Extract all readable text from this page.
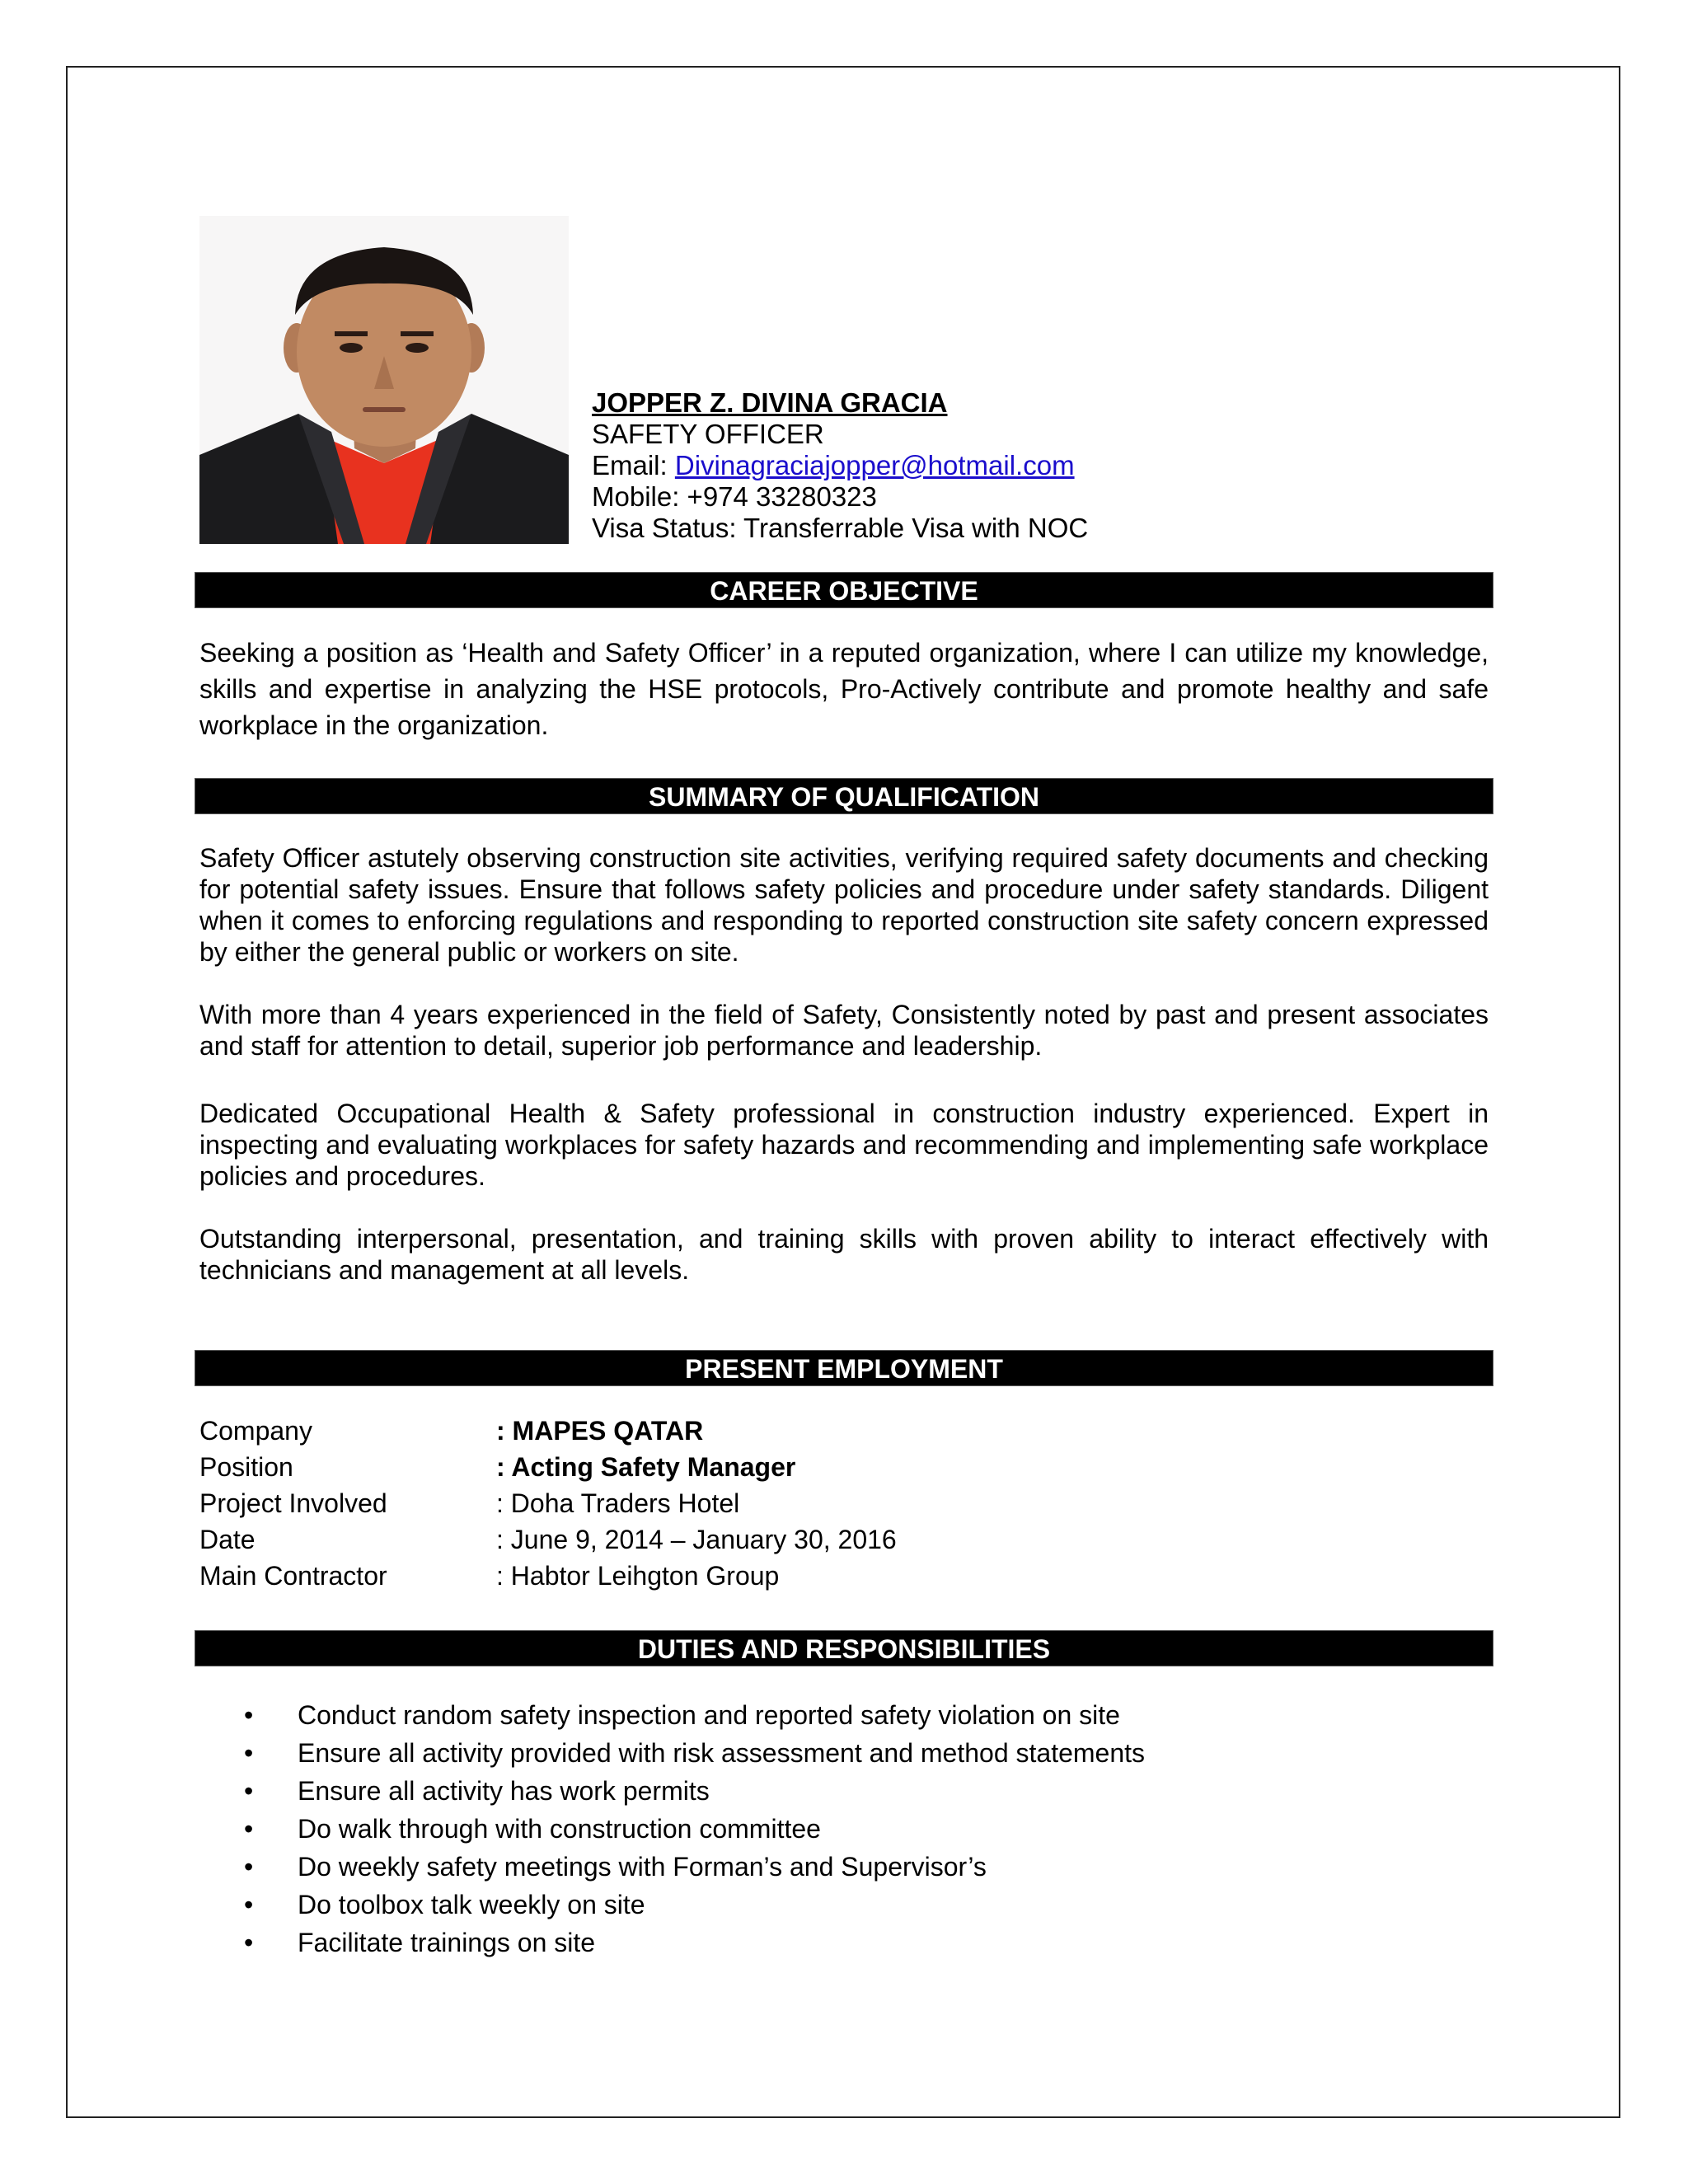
JOPPER Z. DIVINA GRACIA
SAFETY OFFICER
Email: Divinagraciajopper@hotmail.com
Mobile: +974 33280323
Visa Status: Transferrable Visa with NOC
CAREER OBJECTIVE

Seeking a position as ‘Health and Safety Officer’ in a reputed organization, where I can utilize my knowledge, skills and expertise in analyzing the HSE protocols, Pro-Actively contribute and promote healthy and safe workplace in the organization.

SUMMARY OF QUALIFICATION

Safety Officer astutely observing construction site activities, verifying required safety documents and checking for potential safety issues. Ensure that follows safety policies and procedure under safety standards. Diligent when it comes to enforcing regulations and responding to reported construction site safety concern expressed by either the general public or workers on site.

With more than 4 years experienced in the field of Safety, Consistently noted by past and present associates and staff for attention to detail, superior job performance and leadership.

Dedicated Occupational Health & Safety professional in construction industry experienced. Expert in inspecting and evaluating workplaces for safety hazards and recommending and implementing safe workplace policies and procedures.

Outstanding interpersonal, presentation, and training skills with proven ability to interact effectively with technicians and management at all levels.

PRESENT EMPLOYMENT
Company	: MAPES QATAR
Position	: Acting Safety Manager
Project Involved	: Doha Traders Hotel
Date	: June 9, 2014 – January 30, 2016
Main Contractor	: Habtor Leihgton Group
DUTIES AND RESPONSIBILITIES
•	Conduct random safety inspection and reported safety violation on site
•	Ensure all activity provided with risk assessment and method statements
•	Ensure all activity has work permits
•	Do walk through with construction committee
•	Do weekly safety meetings with Forman’s and Supervisor’s
•	Do toolbox talk weekly on site
•	Facilitate trainings on site
